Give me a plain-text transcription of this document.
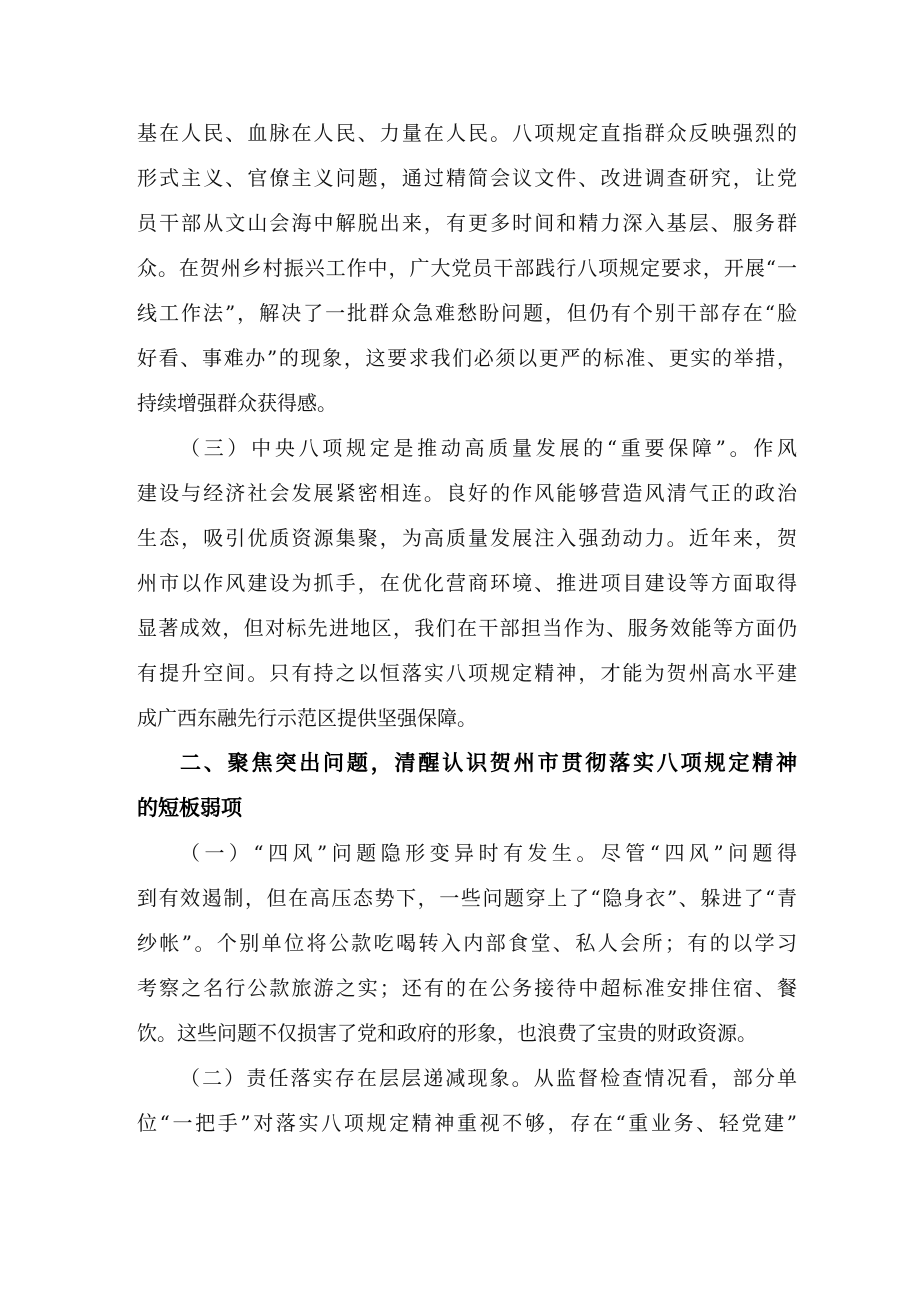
基在人民、血脉在人民、力量在人民。八项规定直指群众反映强烈的
形式主义、官僚主义问题，通过精简会议文件、改进调查研究，让党
员干部从文山会海中解脱出来，有更多时间和精力深入基层、服务群
众。在贺州乡村振兴工作中，广大党员干部践行八项规定要求，开展“一
线工作法”，解决了一批群众急难愁盼问题，但仍有个别干部存在“脸
好看、事难办”的现象，这要求我们必须以更严的标准、更实的举措，
持续增强群众获得感。
（三）中央八项规定是推动高质量发展的“重要保障”。作风
建设与经济社会发展紧密相连。良好的作风能够营造风清气正的政治
生态，吸引优质资源集聚，为高质量发展注入强劲动力。近年来，贺
州市以作风建设为抓手，在优化营商环境、推进项目建设等方面取得
显著成效，但对标先进地区，我们在干部担当作为、服务效能等方面仍
有提升空间。只有持之以恒落实八项规定精神，才能为贺州高水平建
成广西东融先行示范区提供坚强保障。
二、聚焦突出问题，清醒认识贺州市贯彻落实八项规定精神
的短板弱项
（一）“四风”问题隐形变异时有发生。尽管“四风”问题得
到有效遏制，但在高压态势下，一些问题穿上了“隐身衣”、躲进了“青
纱帐”。个别单位将公款吃喝转入内部食堂、私人会所；有的以学习
考察之名行公款旅游之实；还有的在公务接待中超标准安排住宿、餐
饮。这些问题不仅损害了党和政府的形象，也浪费了宝贵的财政资源。
（二）责任落实存在层层递减现象。从监督检查情况看，部分单
位“一把手”对落实八项规定精神重视不够，存在“重业务、轻党建”
